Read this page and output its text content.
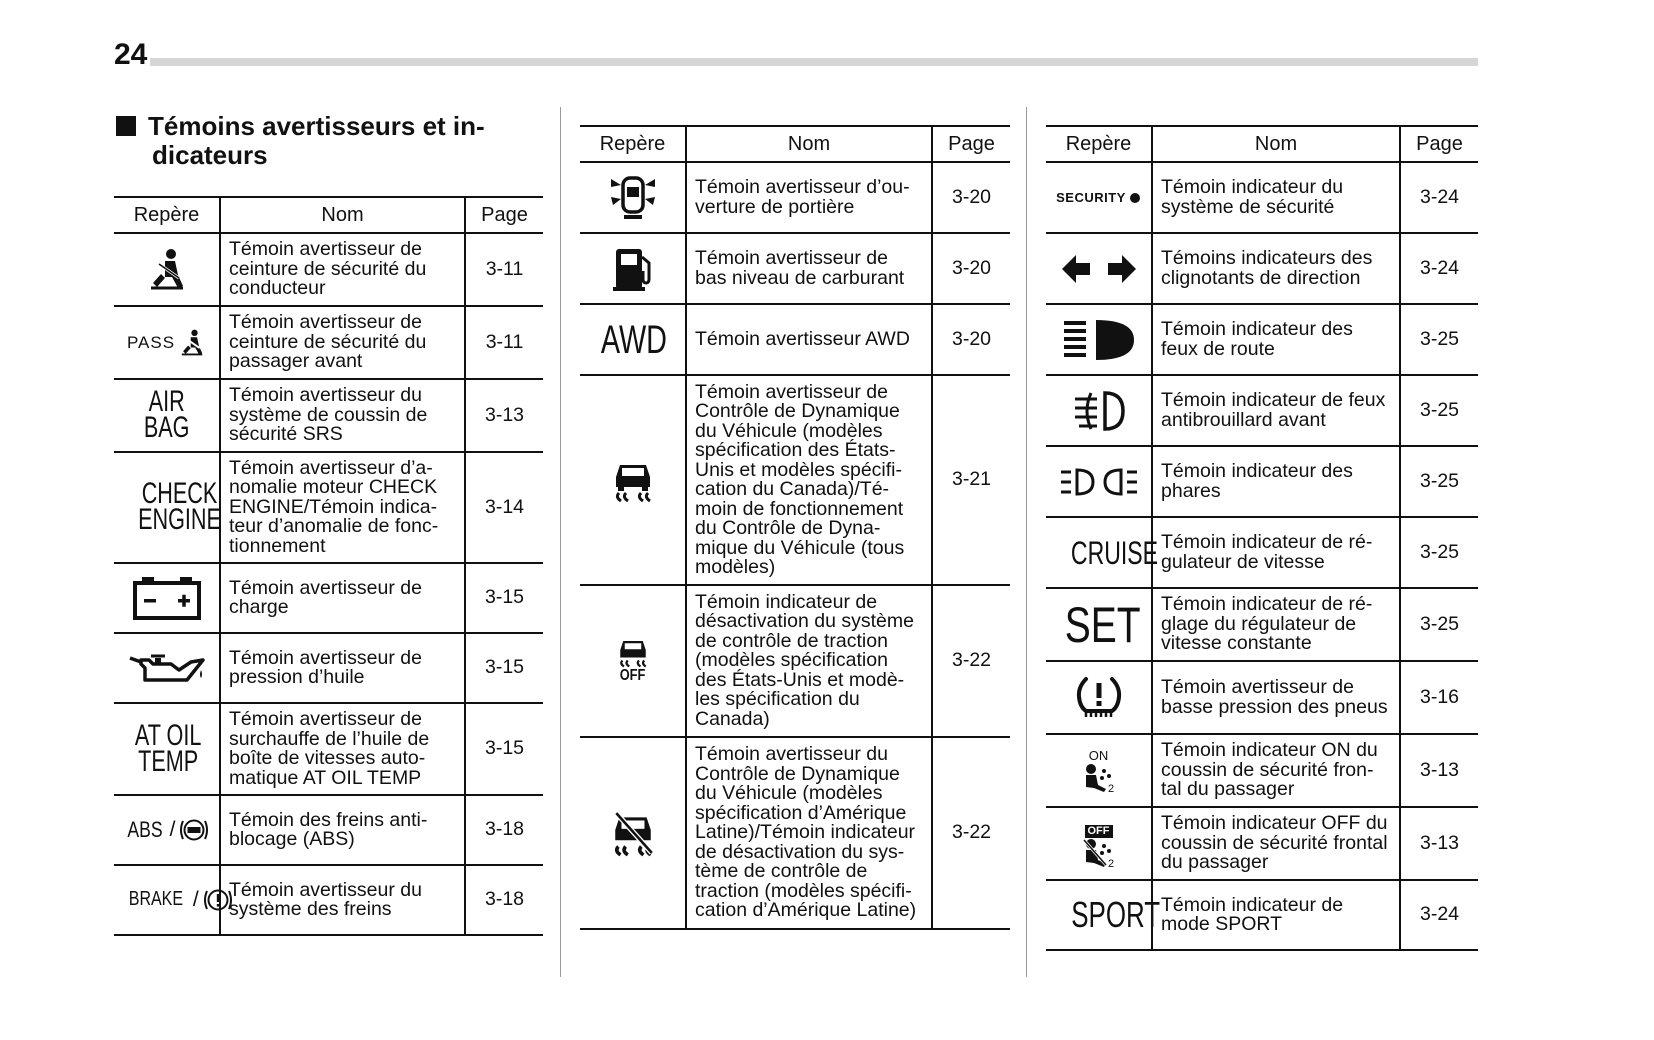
24
Témoins avertisseurs et in-
dicateurs
Repère	Nom	Page

	Témoin avertisseur de ceinture de sécurité du conducteur	3-11

PASS	Témoin avertisseur de ceinture de sécurité du passager avant	3-11
AIR
BAG	Témoin avertisseur du système de coussin de sécurité SRS	3-13
CHECK
ENGINE	Témoin avertisseur d’a-nomalie moteur CHECK ENGINE/Témoin indica-teur d’anomalie de fonc-tionnement	3-14

	Témoin avertisseur de charge	3-15

	Témoin avertisseur de pression d’huile	3-15
AT OIL
TEMP	Témoin avertisseur de surchauffe de l’huile de boîte de vitesses auto-matique AT OIL TEMP	3-15

ABS /	Témoin des freins anti-blocage (ABS)	3-18

BRAKE /	Témoin avertisseur du système des freins	3-18
Repère	Nom	Page

	Témoin avertisseur d’ou-verture de portière	3-20

	Témoin avertisseur de bas niveau de carburant	3-20
AWD	Témoin avertisseur AWD	3-20

	Témoin avertisseur de Contrôle de Dynamique du Véhicule (modèles spécification des États-Unis et modèles spécifi-cation du Canada)/Té-moin de fonctionnement du Contrôle de Dyna-mique du Véhicule (tous modèles)	3-21

OFF	Témoin indicateur de désactivation du système de contrôle de traction (modèles spécification des États-Unis et modè-les spécification du Canada)	3-22

	Témoin avertisseur du Contrôle de Dynamique du Véhicule (modèles spécification d’Amérique Latine)/Témoin indicateur de désactivation du sys-tème de contrôle de traction (modèles spécifi-cation d’Amérique Latine)	3-22
Repère	Nom	Page

SECURITY	Témoin indicateur du système de sécurité	3-24

	Témoins indicateurs des clignotants de direction	3-24

	Témoin indicateur des feux de route	3-25

	Témoin indicateur de feux antibrouillard avant	3-25

	Témoin indicateur des phares	3-25
CRUISE	Témoin indicateur de ré-gulateur de vitesse	3-25
SET	Témoin indicateur de ré-glage du régulateur de vitesse constante	3-25

	Témoin avertisseur de basse pression des pneus	3-16

ON
2	Témoin indicateur ON du coussin de sécurité fron-tal du passager	3-13
OFF
2	Témoin indicateur OFF du coussin de sécurité frontal du passager	3-13
SPORT	Témoin indicateur de mode SPORT	3-24
